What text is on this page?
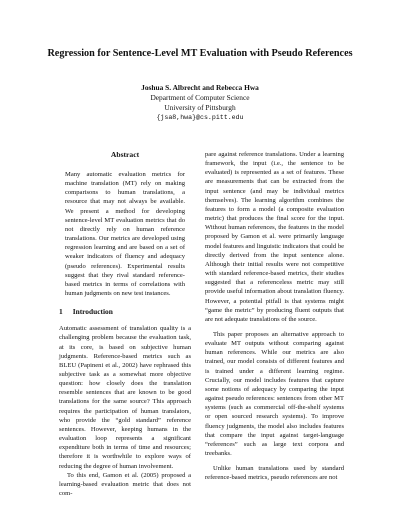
Regression for Sentence-Level MT Evaluation with Pseudo References
Joshua S. Albrecht and Rebecca Hwa
Department of Computer Science
University of Pittsburgh
{jsa8,hwa}@cs.pitt.edu
Abstract

Many automatic evaluation metrics for machine translation (MT) rely on making comparisons to human translations, a resource that may not always be available. We present a method for developing sentence-level MT evaluation metrics that do not directly rely on human reference translations. Our metrics are developed using regression learning and are based on a set of weaker indicators of fluency and adequacy (pseudo references). Experimental results suggest that they rival standard reference-based metrics in terms of correlations with human judgments on new test instances.

1 Introduction

Automatic assessment of translation quality is a challenging problem because the evaluation task, at its core, is based on subjective human judgments. Reference-based metrics such as BLEU (Papineni et al., 2002) have rephrased this subjective task as a somewhat more objective question: how closely does the translation resemble sentences that are known to be good translations for the same source? This approach requires the participation of human translators, who provide the “gold standard” reference sentences. However, keeping humans in the evaluation loop represents a significant expenditure both in terms of time and resources; therefore it is worthwhile to explore ways of reducing the degree of human involvement.

To this end, Gamon et al. (2005) proposed a learning-based evaluation metric that does not com-

pare against reference translations. Under a learning framework, the input (i.e., the sentence to be evaluated) is represented as a set of features. These are measurements that can be extracted from the input sentence (and may be individual metrics themselves). The learning algorithm combines the features to form a model (a composite evaluation metric) that produces the final score for the input. Without human references, the features in the model proposed by Gamon et al. were primarily language model features and linguistic indicators that could be directly derived from the input sentence alone. Although their initial results were not competitive with standard reference-based metrics, their studies suggested that a referenceless metric may still provide useful information about translation fluency. However, a potential pitfall is that systems might “game the metric” by producing fluent outputs that are not adequate translations of the source.

This paper proposes an alternative approach to evaluate MT outputs without comparing against human references. While our metrics are also trained, our model consists of different features and is trained under a different learning regime. Crucially, our model includes features that capture some notions of adequacy by comparing the input against pseudo references: sentences from other MT systems (such as commercial off-the-shelf systems or open sourced research systems). To improve fluency judgments, the model also includes features that compare the input against target-language “references” such as large text corpora and treebanks.

Unlike human translations used by standard reference-based metrics, pseudo references are not
